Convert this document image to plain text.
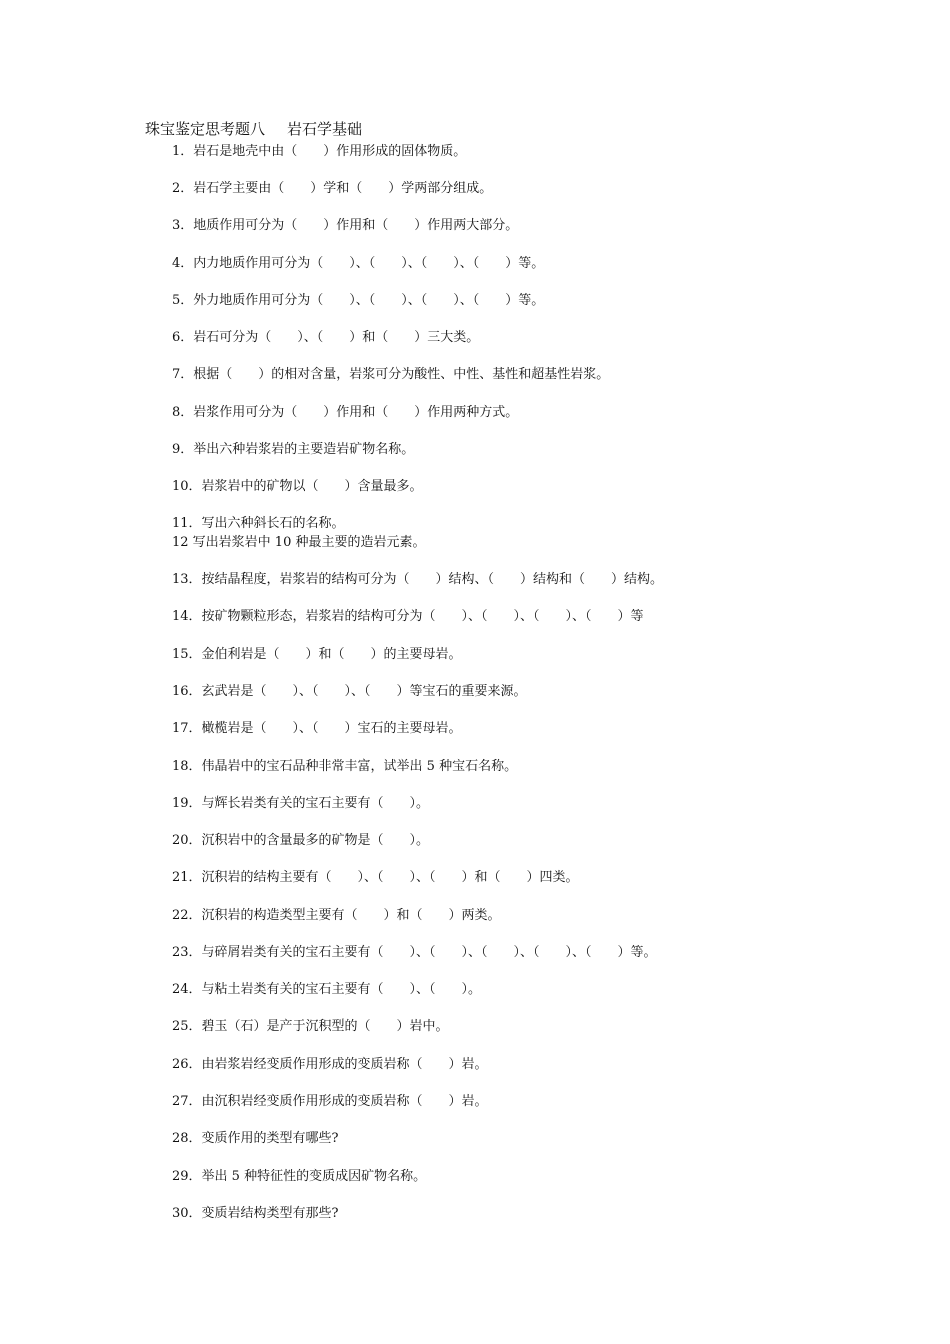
珠宝鉴定思考题八 岩石学基础
1．岩石是地壳中由（　　）作用形成的固体物质。
2．岩石学主要由（　　）学和（　　）学两部分组成。
3．地质作用可分为（　　）作用和（　　）作用两大部分。
4．内力地质作用可分为（　　）、（　　）、（　　）、（　　）等。
5．外力地质作用可分为（　　）、（　　）、（　　）、（　　）等。
6．岩石可分为（　　）、（　　）和（　　）三大类。
7．根据（　　）的相对含量，岩浆可分为酸性、中性、基性和超基性岩浆。
8．岩浆作用可分为（　　）作用和（　　）作用两种方式。
9．举出六种岩浆岩的主要造岩矿物名称。
10．岩浆岩中的矿物以（　　）含量最多。
11．写出六种斜长石的名称。
12 写出岩浆岩中 10 种最主要的造岩元素。
13．按结晶程度，岩浆岩的结构可分为（　　）结构、（　　）结构和（　　）结构。
14．按矿物颗粒形态，岩浆岩的结构可分为（　　）、（　　）、（　　）、（　　）等
15．金伯利岩是（　　）和（　　）的主要母岩。
16．玄武岩是（　　）、（　　）、（　　）等宝石的重要来源。
17．橄榄岩是（　　）、（　　）宝石的主要母岩。
18．伟晶岩中的宝石品种非常丰富，试举出 5 种宝石名称。
19．与辉长岩类有关的宝石主要有（　　）。
20．沉积岩中的含量最多的矿物是（　　）。
21．沉积岩的结构主要有（　　）、（　　）、（　　）和（　　）四类。
22．沉积岩的构造类型主要有（　　）和（　　）两类。
23．与碎屑岩类有关的宝石主要有（　　）、（　　）、（　　）、（　　）、（　　）等。
24．与粘土岩类有关的宝石主要有（　　）、（　　）。
25．碧玉（石）是产于沉积型的（　　）岩中。
26．由岩浆岩经变质作用形成的变质岩称（　　）岩。
27．由沉积岩经变质作用形成的变质岩称（　　）岩。
28．变质作用的类型有哪些?
29．举出 5 种特征性的变质成因矿物名称。
30．变质岩结构类型有那些?
